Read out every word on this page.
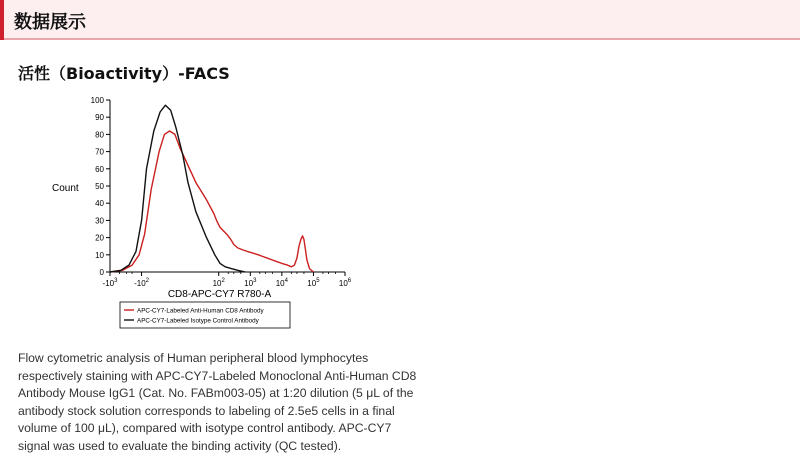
数据展示
活性（Bioactivity）-FACS
0
10
20
30
40
50
60
70
80
90
100
$-10^3$ $-10^2$	$10^2$ $10^3$ $10^4$ $10^5$ $10^6$
Count
CD8-APC-CY7 R780-A
APC-CY7-Labeled Anti-Human CD8 Antibody
APC-CY7-Labeled Isotype Control Antibody
Flow cytometric analysis of Human peripheral blood lymphocytes respectively staining with APC-CY7-Labeled Monoclonal Anti-Human CD8 Antibody Mouse IgG1 (Cat. No. FABm003-05) at 1:20 dilution (5 μL of the antibody stock solution corresponds to labeling of 2.5e5 cells in a final volume of 100 μL), compared with isotype control antibody. APC-CY7 signal was used to evaluate the binding activity (QC tested).
